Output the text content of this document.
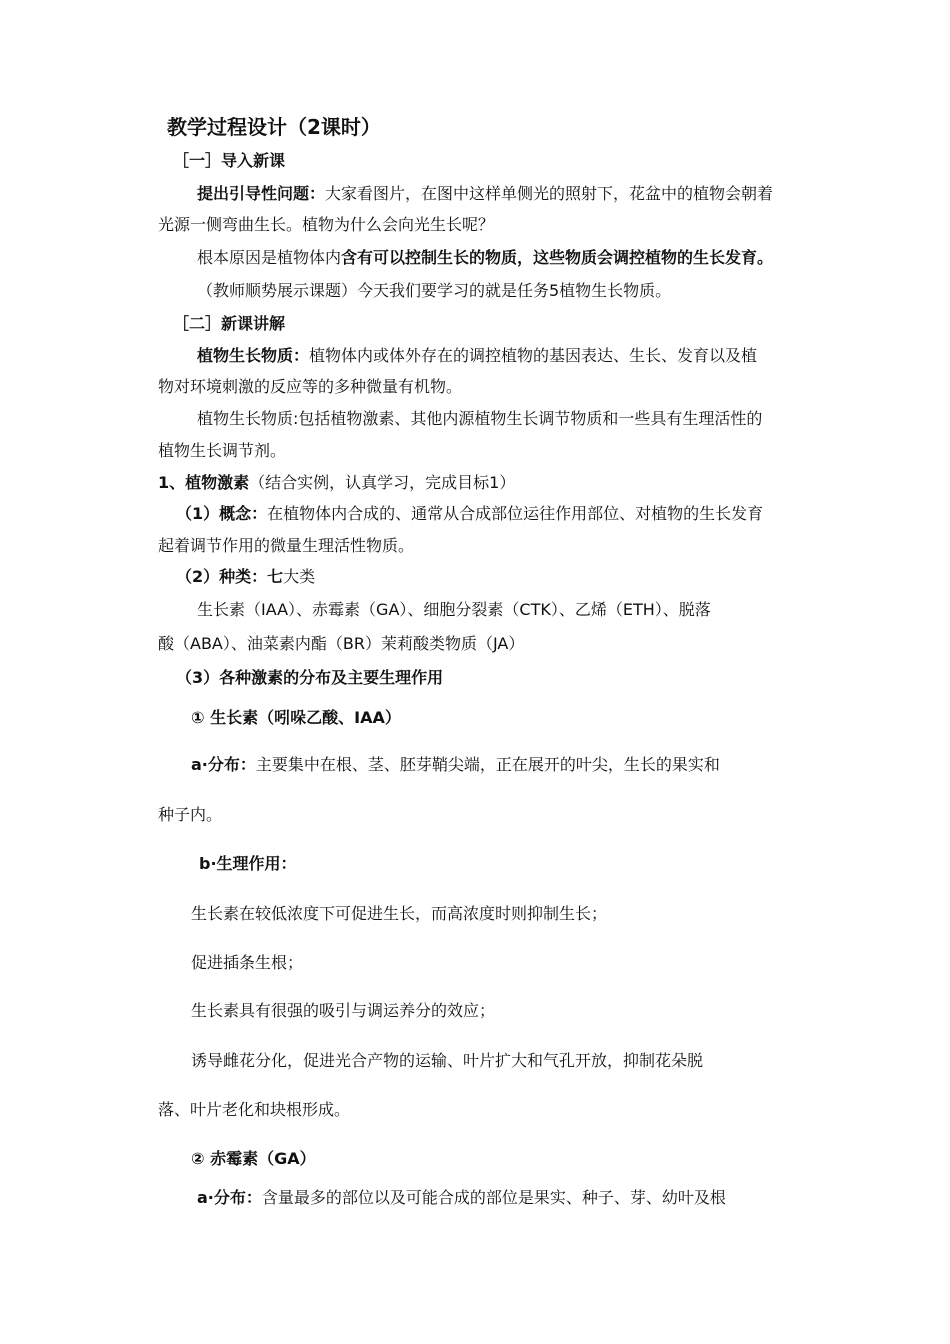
教学过程设计（2课时）
［一］导入新课
提出引导性问题：大家看图片，在图中这样单侧光的照射下，花盆中的植物会朝着
光源一侧弯曲生长。植物为什么会向光生长呢？
根本原因是植物体内含有可以控制生长的物质，这些物质会调控植物的生长发育。
（教师顺势展示课题）今天我们要学习的就是任务5植物生长物质。
［二］新课讲解
植物生长物质：植物体内或体外存在的调控植物的基因表达、生长、发育以及植
物对环境刺激的反应等的多种微量有机物。
植物生长物质:包括植物激素、其他内源植物生长调节物质和一些具有生理活性的
植物生长调节剂。
1、植物激素（结合实例，认真学习，完成目标1）
（1）概念：在植物体内合成的、通常从合成部位运往作用部位、对植物的生长发育
起着调节作用的微量生理活性物质。
（2）种类：七大类
生长素（IAA）、赤霉素（GA）、细胞分裂素（CTK）、乙烯（ETH）、脱落
酸（ABA）、油菜素内酯（BR）茉莉酸类物质（JA）
（3）各种激素的分布及主要生理作用
① 生长素（吲哚乙酸、IAA）
a·分布：主要集中在根、茎、胚芽鞘尖端，正在展开的叶尖，生长的果实和
种子内。
b·生理作用：
生长素在较低浓度下可促进生长，而高浓度时则抑制生长；
促进插条生根；
生长素具有很强的吸引与调运养分的效应；
诱导雌花分化，促进光合产物的运输、叶片扩大和气孔开放，抑制花朵脱
落、叶片老化和块根形成。
② 赤霉素（GA）
a·分布：含量最多的部位以及可能合成的部位是果实、种子、芽、幼叶及根
